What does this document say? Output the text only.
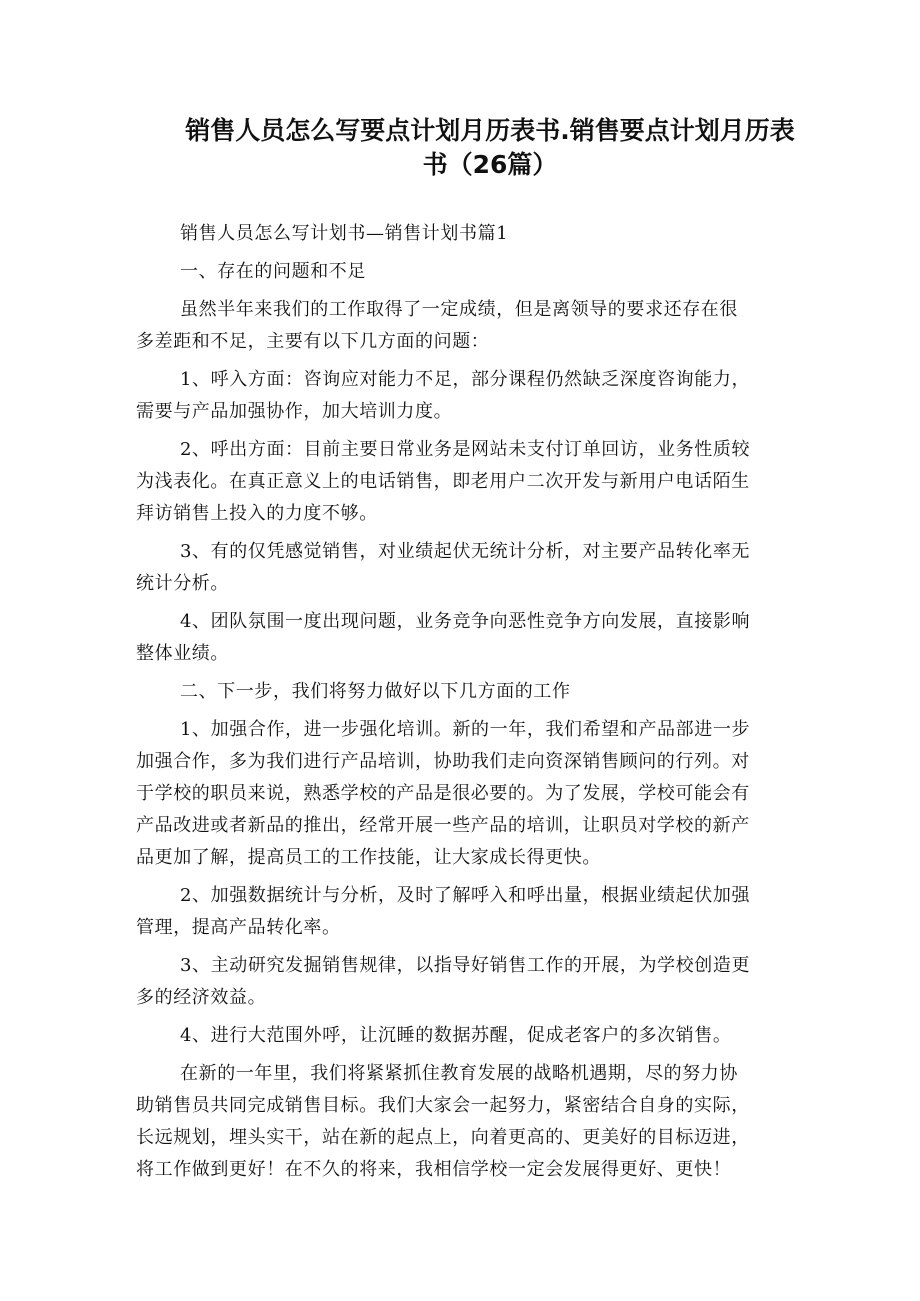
销售人员怎么写要点计划月历表书.销售要点计划月历表
书（26篇）

销售人员怎么写计划书—销售计划书篇1

一、存在的问题和不足

虽然半年来我们的工作取得了一定成绩，但是离领导的要求还存在很
多差距和不足，主要有以下几方面的问题：

1、呼入方面：咨询应对能力不足，部分课程仍然缺乏深度咨询能力，
需要与产品加强协作，加大培训力度。

2、呼出方面：目前主要日常业务是网站未支付订单回访，业务性质较
为浅表化。在真正意义上的电话销售，即老用户二次开发与新用户电话陌生
拜访销售上投入的力度不够。

3、有的仅凭感觉销售，对业绩起伏无统计分析，对主要产品转化率无
统计分析。

4、团队氛围一度出现问题，业务竞争向恶性竞争方向发展，直接影响
整体业绩。

二、下一步，我们将努力做好以下几方面的工作

1、加强合作，进一步强化培训。新的一年，我们希望和产品部进一步
加强合作，多为我们进行产品培训，协助我们走向资深销售顾问的行列。对
于学校的职员来说，熟悉学校的产品是很必要的。为了发展，学校可能会有
产品改进或者新品的推出，经常开展一些产品的培训，让职员对学校的新产
品更加了解，提高员工的工作技能，让大家成长得更快。

2、加强数据统计与分析，及时了解呼入和呼出量，根据业绩起伏加强
管理，提高产品转化率。

3、主动研究发掘销售规律，以指导好销售工作的开展，为学校创造更
多的经济效益。

4、进行大范围外呼，让沉睡的数据苏醒，促成老客户的多次销售。

在新的一年里，我们将紧紧抓住教育发展的战略机遇期，尽的努力协
助销售员共同完成销售目标。我们大家会一起努力，紧密结合自身的实际，
长远规划，埋头实干，站在新的起点上，向着更高的、更美好的目标迈进，
将工作做到更好！在不久的将来，我相信学校一定会发展得更好、更快！
